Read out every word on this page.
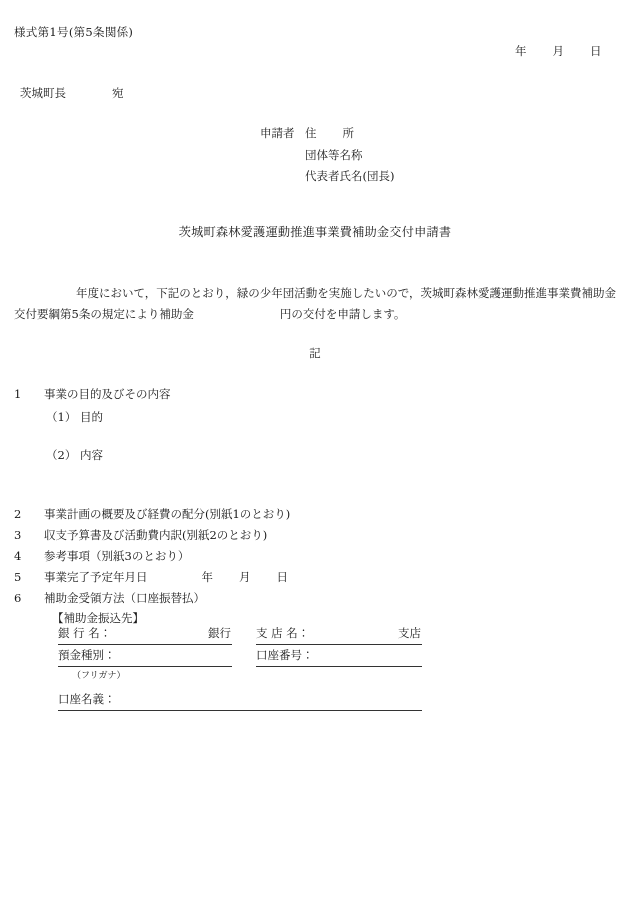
様式第1号(第5条関係)
年 月 日
茨城町長	宛
申請者 住 所
団体等名称
代表者氏名(団長)
茨城町森林愛護運動推進事業費補助金交付申請書
年度において，下記のとおり，緑の少年団活動を実施したいので，茨城町森林愛護運動推進事業費補助金
交付要綱第5条の規定により補助金	円の交付を申請します。
記
1 事業の目的及びその内容
（1） 目的
（2） 内容
2 事業計画の概要及び経費の配分(別紙1のとおり)
3 収支予算書及び活動費内訳(別紙2のとおり)
4 参考事項（別紙3のとおり）
5 事業完了予定年月日	年 月 日
6 補助金受領方法（口座振替払）
【補助金振込先】
銀 行 名：	銀行 支 店 名：	支店
預金種別：	口座番号：
（フリガナ）
口座名義：
